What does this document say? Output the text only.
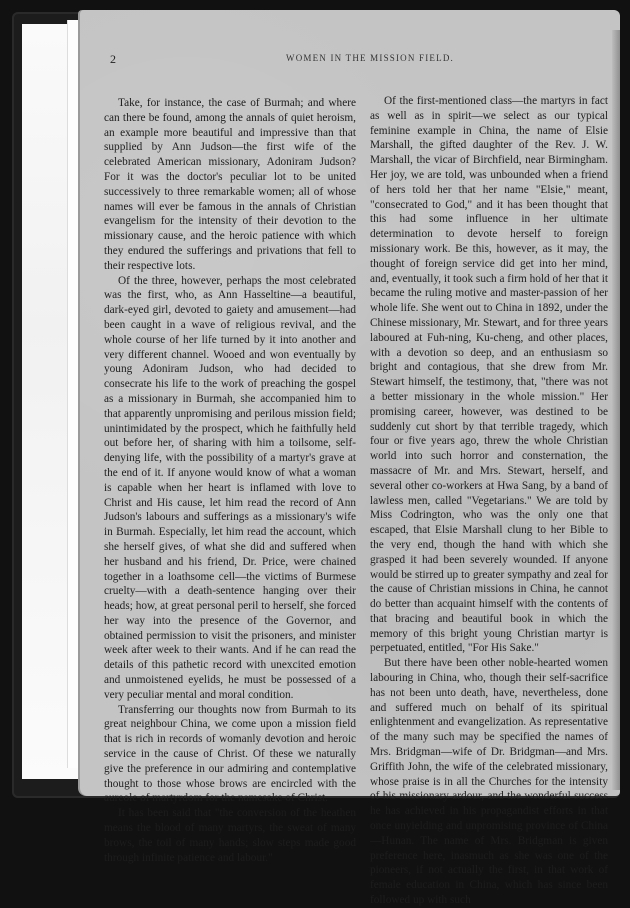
2	WOMEN IN THE MISSION FIELD.

Take, for instance, the case of Burmah; and where can there be found, among the annals of quiet heroism, an example more beautiful and impressive than that supplied by Ann Judson—the first wife of the celebrated American missionary, Adoniram Judson? For it was the doctor's peculiar lot to be united successively to three remarkable women; all of whose names will ever be famous in the annals of Christian evangelism for the intensity of their devotion to the missionary cause, and the heroic patience with which they endured the sufferings and privations that fell to their respective lots.

Of the three, however, perhaps the most celebrated was the first, who, as Ann Hasseltine—a beautiful, dark-eyed girl, devoted to gaiety and amusement—had been caught in a wave of religious revival, and the whole course of her life turned by it into another and very different channel. Wooed and won eventually by young Adoniram Judson, who had decided to consecrate his life to the work of preaching the gospel as a missionary in Burmah, she accompanied him to that apparently unpromising and perilous mission field; unintimidated by the prospect, which he faithfully held out before her, of sharing with him a toilsome, self-denying life, with the possibility of a martyr's grave at the end of it. If anyone would know of what a woman is capable when her heart is inflamed with love to Christ and His cause, let him read the record of Ann Judson's labours and sufferings as a missionary's wife in Burmah. Especially, let him read the account, which she herself gives, of what she did and suffered when her husband and his friend, Dr. Price, were chained together in a loathsome cell—the victims of Burmese cruelty—with a death-sentence hanging over their heads; how, at great personal peril to herself, she forced her way into the presence of the Governor, and obtained permission to visit the prisoners, and minister week after week to their wants. And if he can read the details of this pathetic record with unexcited emotion and unmoistened eyelids, he must be possessed of a very peculiar mental and moral condition.

Transferring our thoughts now from Burmah to its great neighbour China, we come upon a mission field that is rich in records of womanly devotion and heroic service in the cause of Christ. Of these we naturally give the preference in our admiring and contemplative thought to those whose brows are encircled with the aureole of martyrdom for the namesake of Christ.

It has been said that "the conversion of the heathen means the blood of many martyrs, the sweat of many brows, the toil of many hands; slow steps made good through infinite patience and labour."

Of the first-mentioned class—the martyrs in fact as well as in spirit—we select as our typical feminine example in China, the name of Elsie Marshall, the gifted daughter of the Rev. J. W. Marshall, the vicar of Birchfield, near Birmingham. Her joy, we are told, was unbounded when a friend of hers told her that her name "Elsie," meant, "consecrated to God," and it has been thought that this had some influence in her ultimate determination to devote herself to foreign missionary work. Be this, however, as it may, the thought of foreign service did get into her mind, and, eventually, it took such a firm hold of her that it became the ruling motive and master-passion of her whole life. She went out to China in 1892, under the Chinese missionary, Mr. Stewart, and for three years laboured at Fuh-ning, Ku-cheng, and other places, with a devotion so deep, and an enthusiasm so bright and contagious, that she drew from Mr. Stewart himself, the testimony, that, "there was not a better missionary in the whole mission." Her promising career, however, was destined to be suddenly cut short by that terrible tragedy, which four or five years ago, threw the whole Christian world into such horror and consternation, the massacre of Mr. and Mrs. Stewart, herself, and several other co-workers at Hwa Sang, by a band of lawless men, called "Vegetarians." We are told by Miss Codrington, who was the only one that escaped, that Elsie Marshall clung to her Bible to the very end, though the hand with which she grasped it had been severely wounded. If anyone would be stirred up to greater sympathy and zeal for the cause of Christian missions in China, he cannot do better than acquaint himself with the contents of that bracing and beautiful book in which the memory of this bright young Christian martyr is perpetuated, entitled, "For His Sake."

But there have been other noble-hearted women labouring in China, who, though their self-sacrifice has not been unto death, have, nevertheless, done and suffered much on behalf of its spiritual enlightenment and evangelization. As representative of the many such may be specified the names of Mrs. Bridgman—wife of Dr. Bridgman—and Mrs. Griffith John, the wife of the celebrated missionary, whose praise is in all the Churches for the intensity of his missionary ardour, and the wonderful success he has achieved in his propagandist efforts in that once unyielding and unpromising province of China—Hunan. The name of Mrs. Bridgman is given preference here, inasmuch as she was one of the pioneers, if not actually the first, in that work of female education in China, which has since been followed up with such
